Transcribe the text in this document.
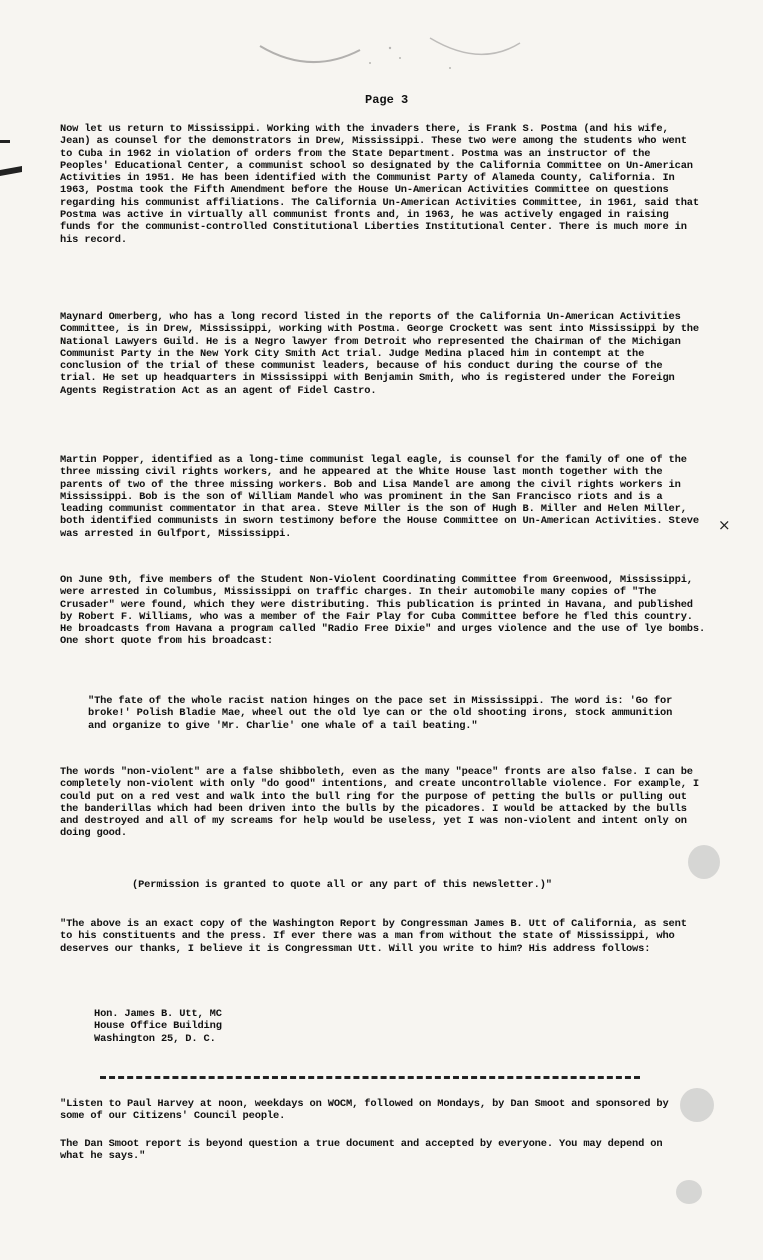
Page 3

Now let us return to Mississippi. Working with the invaders there, is Frank S. Postma (and his wife, Jean) as counsel for the demonstrators in Drew, Mississippi. These two were among the students who went to Cuba in 1962 in violation of orders from the State Department. Postma was an instructor of the Peoples' Educational Center, a communist school so designated by the California Committee on Un-American Activities in 1951. He has been identified with the Communist Party of Alameda County, California. In 1963, Postma took the Fifth Amendment before the House Un-American Activities Committee on questions regarding his communist affiliations. The California Un-American Activities Committee, in 1961, said that Postma was active in virtually all communist fronts and, in 1963, he was actively engaged in raising funds for the communist-controlled Constitutional Liberties Institutional Center. There is much more in his record.

Maynard Omerberg, who has a long record listed in the reports of the California Un-American Activities Committee, is in Drew, Mississippi, working with Postma. George Crockett was sent into Mississippi by the National Lawyers Guild. He is a Negro lawyer from Detroit who represented the Chairman of the Michigan Communist Party in the New York City Smith Act trial. Judge Medina placed him in contempt at the conclusion of the trial of these communist leaders, because of his conduct during the course of the trial. He set up headquarters in Mississippi with Benjamin Smith, who is registered under the Foreign Agents Registration Act as an agent of Fidel Castro.

Martin Popper, identified as a long-time communist legal eagle, is counsel for the family of one of the three missing civil rights workers, and he appeared at the White House last month together with the parents of two of the three missing workers. Bob and Lisa Mandel are among the civil rights workers in Mississippi. Bob is the son of William Mandel who was prominent in the San Francisco riots and is a leading communist commentator in that area. Steve Miller is the son of Hugh B. Miller and Helen Miller, both identified communists in sworn testimony before the House Committee on Un-American Activities. Steve was arrested in Gulfport, Mississippi.

On June 9th, five members of the Student Non-Violent Coordinating Committee from Greenwood, Mississippi, were arrested in Columbus, Mississippi on traffic charges. In their automobile many copies of "The Crusader" were found, which they were distributing. This publication is printed in Havana, and published by Robert F. Williams, who was a member of the Fair Play for Cuba Committee before he fled this country. He broadcasts from Havana a program called "Radio Free Dixie" and urges violence and the use of lye bombs. One short quote from his broadcast:

"The fate of the whole racist nation hinges on the pace set in Mississippi. The word is: 'Go for broke!' Polish Bladie Mae, wheel out the old lye can or the old shooting irons, stock ammunition and organize to give 'Mr. Charlie' one whale of a tail beating."

The words "non-violent" are a false shibboleth, even as the many "peace" fronts are also false. I can be completely non-violent with only "do good" intentions, and create uncontrollable violence. For example, I could put on a red vest and walk into the bull ring for the purpose of petting the bulls or pulling out the banderillas which had been driven into the bulls by the picadores. I would be attacked by the bulls and destroyed and all of my screams for help would be useless, yet I was non-violent and intent only on doing good.

(Permission is granted to quote all or any part of this newsletter.)"

"The above is an exact copy of the Washington Report by Congressman James B. Utt of California, as sent to his constituents and the press. If ever there was a man from without the state of Mississippi, who deserves our thanks, I believe it is Congressman Utt. Will you write to him? His address follows:

Hon. James B. Utt, MC
House Office Building
Washington 25, D. C.

"Listen to Paul Harvey at noon, weekdays on WOCM, followed on Mondays, by Dan Smoot and sponsored by some of our Citizens' Council people.

The Dan Smoot report is beyond question a true document and accepted by everyone. You may depend on what he says."

×
